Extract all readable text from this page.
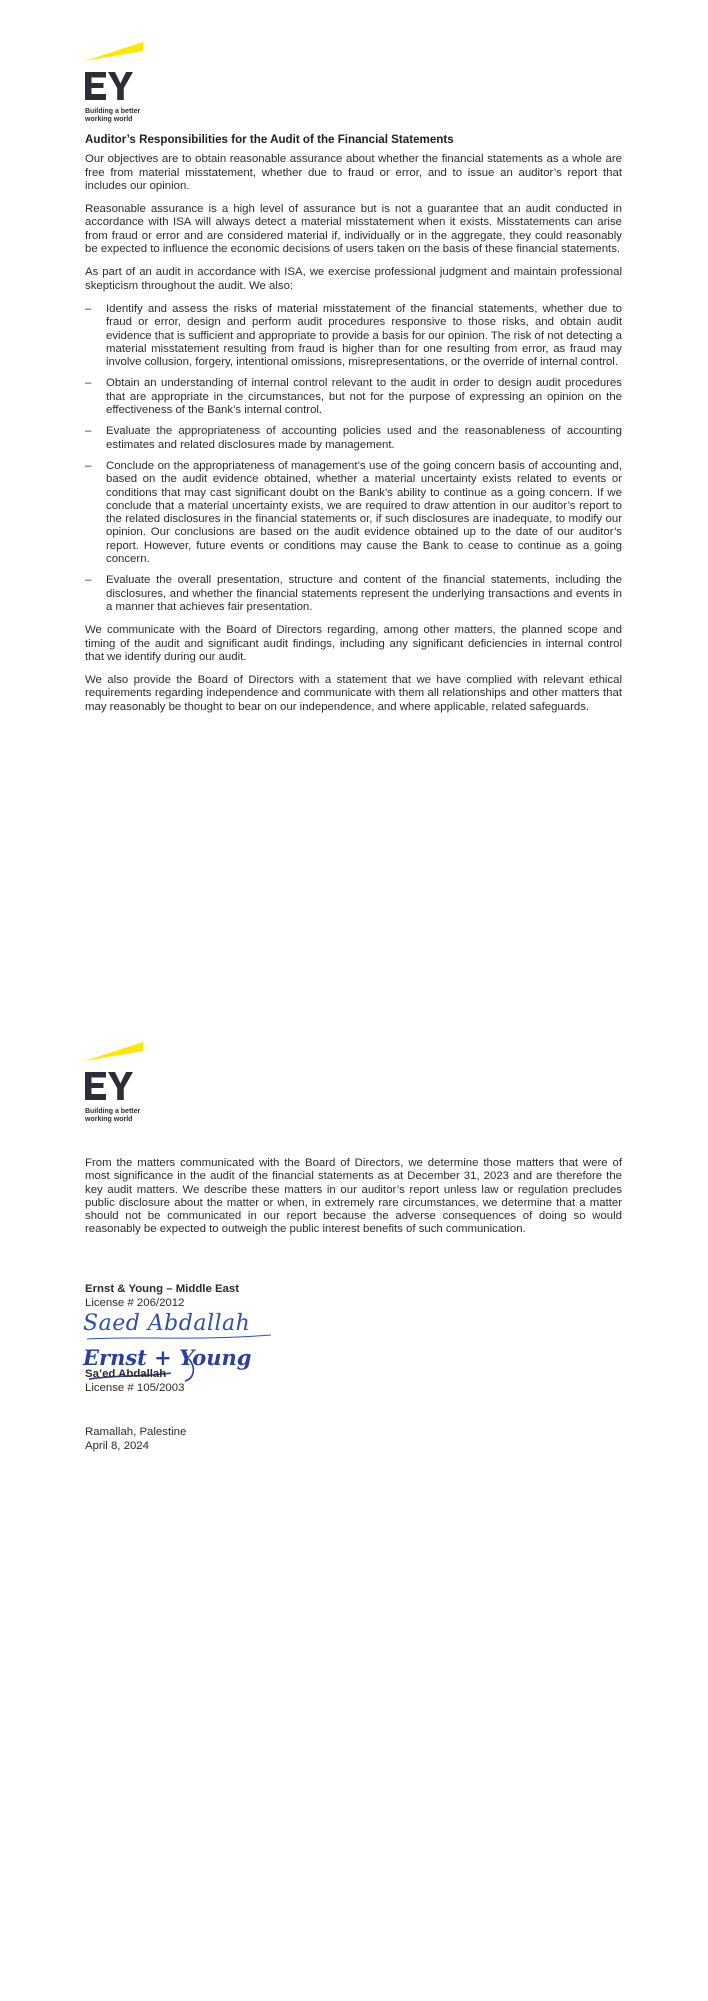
Building a better
working world
Auditor’s Responsibilities for the Audit of the Financial Statements

Our objectives are to obtain reasonable assurance about whether the financial statements as a whole are free from material misstatement, whether due to fraud or error, and to issue an auditor’s report that includes our opinion.

Reasonable assurance is a high level of assurance but is not a guarantee that an audit conducted in accordance with ISA will always detect a material misstatement when it exists. Misstatements can arise from fraud or error and are considered material if, individually or in the aggregate, they could reasonably be expected to influence the economic decisions of users taken on the basis of these financial statements.

As part of an audit in accordance with ISA, we exercise professional judgment and maintain professional skepticism throughout the audit. We also:

– Identify and assess the risks of material misstatement of the financial statements, whether due to fraud or error, design and perform audit procedures responsive to those risks, and obtain audit evidence that is sufficient and appropriate to provide a basis for our opinion. The risk of not detecting a material misstatement resulting from fraud is higher than for one resulting from error, as fraud may involve collusion, forgery, intentional omissions, misrepresentations, or the override of internal control.
– Obtain an understanding of internal control relevant to the audit in order to design audit procedures that are appropriate in the circumstances, but not for the purpose of expressing an opinion on the effectiveness of the Bank’s internal control.
– Evaluate the appropriateness of accounting policies used and the reasonableness of accounting estimates and related disclosures made by management.
– Conclude on the appropriateness of management’s use of the going concern basis of accounting and, based on the audit evidence obtained, whether a material uncertainty exists related to events or conditions that may cast significant doubt on the Bank’s ability to continue as a going concern. If we conclude that a material uncertainty exists, we are required to draw attention in our auditor’s report to the related disclosures in the financial statements or, if such disclosures are inadequate, to modify our opinion. Our conclusions are based on the audit evidence obtained up to the date of our auditor’s report. However, future events or conditions may cause the Bank to cease to continue as a going concern.
– Evaluate the overall presentation, structure and content of the financial statements, including the disclosures, and whether the financial statements represent the underlying transactions and events in a manner that achieves fair presentation.

We communicate with the Board of Directors regarding, among other matters, the planned scope and timing of the audit and significant audit findings, including any significant deficiencies in internal control that we identify during our audit.

We also provide the Board of Directors with a statement that we have complied with relevant ethical requirements regarding independence and communicate with them all relationships and other matters that may reasonably be thought to bear on our independence, and where applicable, related safeguards.

Building a better
working world

From the matters communicated with the Board of Directors, we determine those matters that were of most significance in the audit of the financial statements as at December 31, 2023 and are therefore the key audit matters. We describe these matters in our auditor’s report unless law or regulation precludes public disclosure about the matter or when, in extremely rare circumstances, we determine that a matter should not be communicated in our report because the adverse consequences of doing so would reasonably be expected to outweigh the public interest benefits of such communication.

Ernst & Young – Middle East
License # 206/2012
Saed Abdallah
Ernst + Young
Sa’ed Abdallah
License # 105/2003
Ramallah, Palestine
April 8, 2024
